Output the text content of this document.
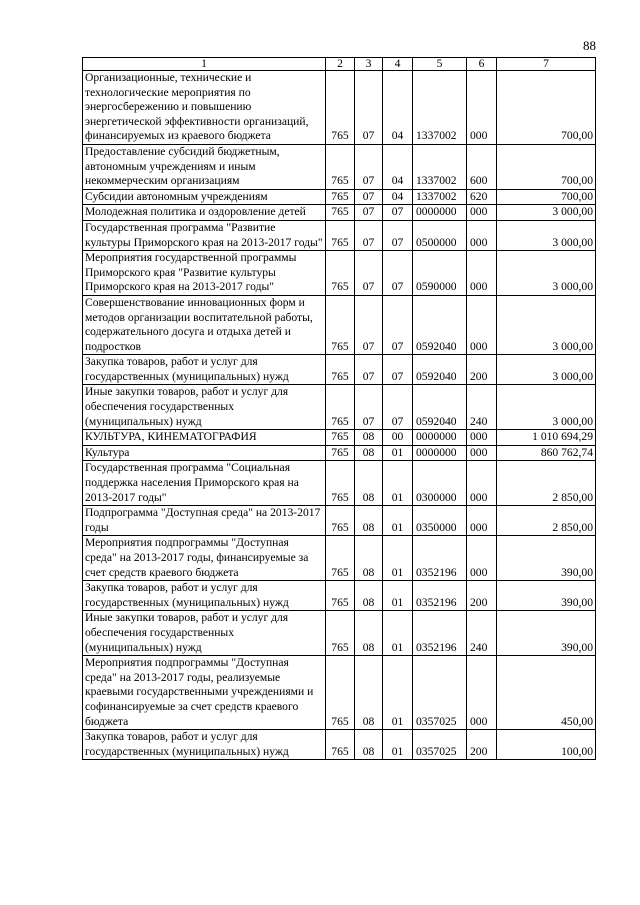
88
1	2	3	4	5	6	7
Организационные, технические и технологические мероприятия по энергосбережению и повышению энергетической эффективности организаций, финансируемых из краевого бюджета	765	07	04	1337002	000	700,00
Предоставление субсидий бюджетным, автономным учреждениям и иным некоммерческим организациям	765	07	04	1337002	600	700,00
Субсидии автономным учреждениям	765	07	04	1337002	620	700,00
Молодежная политика и оздоровление детей	765	07	07	0000000	000	3 000,00
Государственная программа "Развитие культуры Приморского края на 2013-2017 годы"	765	07	07	0500000	000	3 000,00
Мероприятия государственной программы Приморского края "Развитие культуры Приморского края на 2013-2017 годы"	765	07	07	0590000	000	3 000,00
Совершенствование инновационных форм и методов организации воспитательной работы, содержательного досуга и отдыха детей и подростков	765	07	07	0592040	000	3 000,00
Закупка товаров, работ и услуг для государственных (муниципальных) нужд	765	07	07	0592040	200	3 000,00
Иные закупки товаров, работ и услуг для обеспечения государственных (муниципальных) нужд	765	07	07	0592040	240	3 000,00
КУЛЬТУРА, КИНЕМАТОГРАФИЯ	765	08	00	0000000	000	1 010 694,29
Культура	765	08	01	0000000	000	860 762,74
Государственная программа "Социальная поддержка населения Приморского края на 2013-2017 годы"	765	08	01	0300000	000	2 850,00
Подпрограмма "Доступная среда" на 2013-2017 годы	765	08	01	0350000	000	2 850,00
Мероприятия подпрограммы "Доступная среда" на 2013-2017 годы, финансируемые за счет средств краевого бюджета	765	08	01	0352196	000	390,00
Закупка товаров, работ и услуг для государственных (муниципальных) нужд	765	08	01	0352196	200	390,00
Иные закупки товаров, работ и услуг для обеспечения государственных (муниципальных) нужд	765	08	01	0352196	240	390,00
Мероприятия подпрограммы "Доступная среда" на 2013-2017 годы, реализуемые краевыми государственными учреждениями и софинансируемые за счет средств краевого бюджета	765	08	01	0357025	000	450,00
Закупка товаров, работ и услуг для государственных (муниципальных) нужд	765	08	01	0357025	200	100,00
